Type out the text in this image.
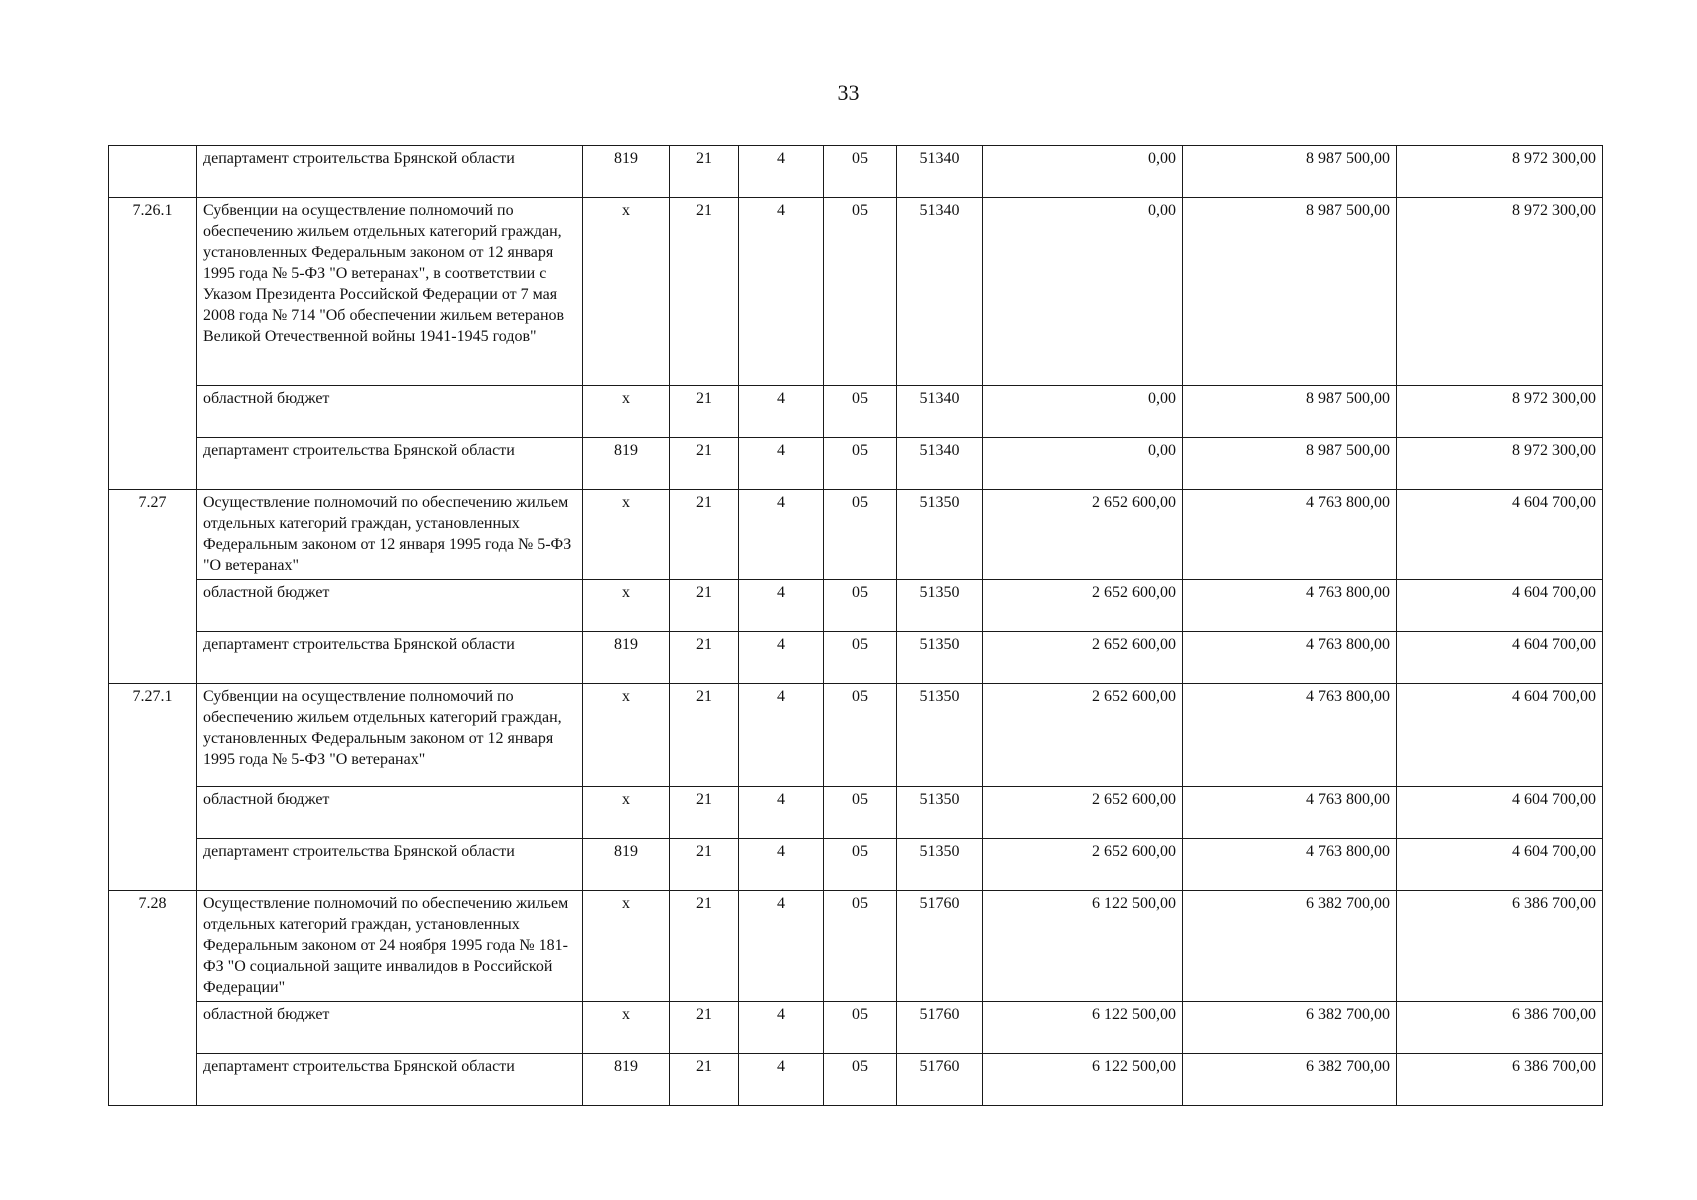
33
	департамент строительства Брянской области	819	21	4	05	51340	0,00	8 987 500,00	8 972 300,00
7.26.1	Субвенции на осуществление полномочий по обеспечению жильем отдельных категорий граждан, установленных Федеральным законом от 12 января 1995 года № 5-ФЗ "О ветеранах", в соответствии с Указом Президента Российской Федерации от 7 мая 2008 года № 714 "Об обеспечении жильем ветеранов Великой Отечественной войны 1941-1945 годов"	х	21	4	05	51340	0,00	8 987 500,00	8 972 300,00
	областной бюджет	х	21	4	05	51340	0,00	8 987 500,00	8 972 300,00
	департамент строительства Брянской области	819	21	4	05	51340	0,00	8 987 500,00	8 972 300,00
7.27	Осуществление полномочий по обеспечению жильем отдельных категорий граждан, установленных Федеральным законом от 12 января 1995 года № 5-ФЗ "О ветеранах"	х	21	4	05	51350	2 652 600,00	4 763 800,00	4 604 700,00
	областной бюджет	х	21	4	05	51350	2 652 600,00	4 763 800,00	4 604 700,00
	департамент строительства Брянской области	819	21	4	05	51350	2 652 600,00	4 763 800,00	4 604 700,00
7.27.1	Субвенции на осуществление полномочий по обеспечению жильем отдельных категорий граждан, установленных Федеральным законом от 12 января 1995 года № 5-ФЗ "О ветеранах"	х	21	4	05	51350	2 652 600,00	4 763 800,00	4 604 700,00
	областной бюджет	х	21	4	05	51350	2 652 600,00	4 763 800,00	4 604 700,00
	департамент строительства Брянской области	819	21	4	05	51350	2 652 600,00	4 763 800,00	4 604 700,00
7.28	Осуществление полномочий по обеспечению жильем отдельных категорий граждан, установленных Федеральным законом от 24 ноября 1995 года № 181-ФЗ "О социальной защите инвалидов в Российской Федерации"	х	21	4	05	51760	6 122 500,00	6 382 700,00	6 386 700,00
	областной бюджет	х	21	4	05	51760	6 122 500,00	6 382 700,00	6 386 700,00
	департамент строительства Брянской области	819	21	4	05	51760	6 122 500,00	6 382 700,00	6 386 700,00
